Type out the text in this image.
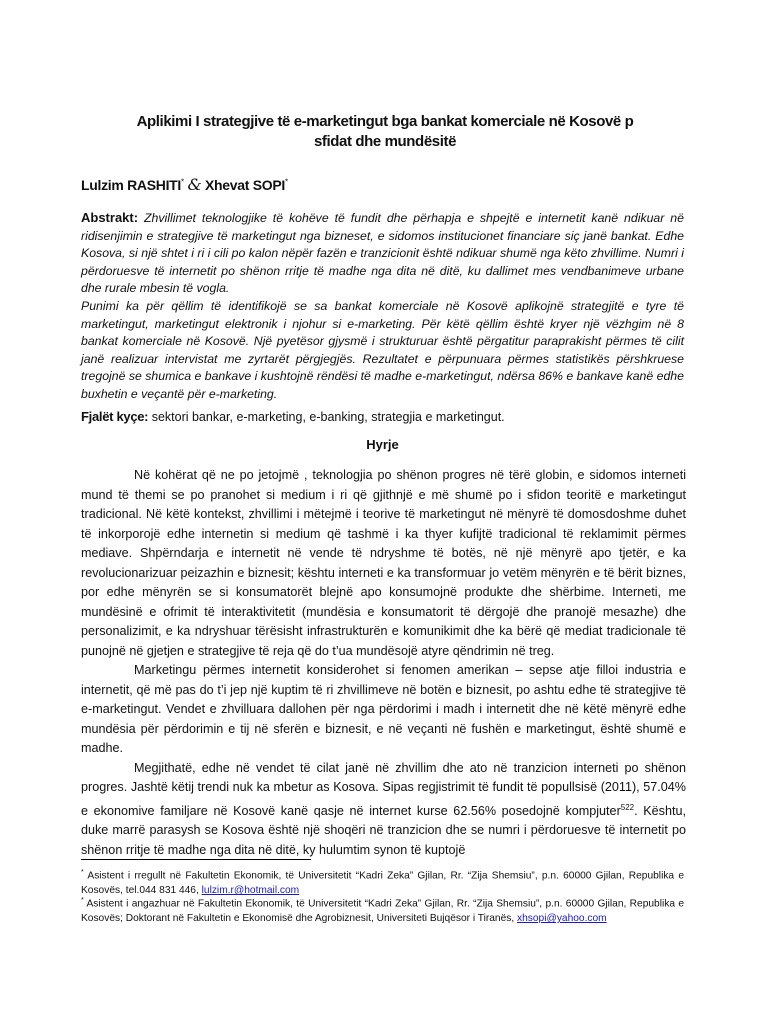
Aplikimi I strategjive të e-marketingut bga bankat komerciale në Kosovë p
sfidat dhe mundësitë
Lulzim RASHITI* & Xhevat SOPI*

Abstrakt: Zhvillimet teknologjike të kohëve të fundit dhe përhapja e shpejtë e internetit kanë ndikuar në ridisenjimin e strategjive të marketingut nga bizneset, e sidomos institucionet financiare siç janë bankat. Edhe Kosova, si një shtet i ri i cili po kalon nëpër fazën e tranzicionit është ndikuar shumë nga këto zhvillime. Numri i përdoruesve të internetit po shënon rritje të madhe nga dita në ditë, ku dallimet mes vendbanimeve urbane dhe rurale mbesin të vogla.

Punimi ka për qëllim të identifikojë se sa bankat komerciale në Kosovë aplikojnë strategjitë e tyre të marketingut, marketingut elektronik i njohur si e-marketing. Për këtë qëllim është kryer një vëzhgim në 8 bankat komerciale në Kosovë. Një pyetësor gjysmë i strukturuar është përgatitur paraprakisht përmes të cilit janë realizuar intervistat me zyrtarët përgjegjës. Rezultatet e përpunuara përmes statistikës përshkruese tregojnë se shumica e bankave i kushtojnë rëndësi të madhe e-marketingut, ndërsa 86% e bankave kanë edhe buxhetin e veçantë për e-marketing.

Fjalët kyçe: sektori bankar, e-marketing, e-banking, strategjia e marketingut.
Hyrje

Në kohërat që ne po jetojmë , teknologjia po shënon progres në tërë globin, e sidomos interneti mund të themi se po pranohet si medium i ri që gjithnjë e më shumë po i sfidon teoritë e marketingut tradicional. Në këtë kontekst, zhvillimi i mëtejmë i teorive të marketingut në mënyrë të domosdoshme duhet të inkorporojë edhe internetin si medium që tashmë i ka thyer kufijtë tradicional të reklamimit përmes mediave. Shpërndarja e internetit në vende të ndryshme të botës, në një mënyrë apo tjetër, e ka revolucionarizuar peizazhin e biznesit; kështu interneti e ka transformuar jo vetëm mënyrën e të bërit biznes, por edhe mënyrën se si konsumatorët blejnë apo konsumojnë produkte dhe shërbime. Interneti, me mundësinë e ofrimit të interaktivitetit (mundësia e konsumatorit të dërgojë dhe pranojë mesazhe) dhe personalizimit, e ka ndryshuar tërësisht infrastrukturën e komunikimit dhe ka bërë që mediat tradicionale të punojnë në gjetjen e strategjive të reja që do t’ua mundësojë atyre qëndrimin në treg.

Marketingu përmes internetit konsiderohet si fenomen amerikan – sepse atje filloi industria e internetit, që më pas do t’i jep një kuptim të ri zhvillimeve në botën e biznesit, po ashtu edhe të strategjive të e-marketingut. Vendet e zhvilluara dallohen për nga përdorimi i madh i internetit dhe në këtë mënyrë edhe mundësia për përdorimin e tij në sferën e biznesit, e në veçanti në fushën e marketingut, është shumë e madhe.

Megjithatë, edhe në vendet të cilat janë në zhvillim dhe ato në tranzicion interneti po shënon progres. Jashtë këtij trendi nuk ka mbetur as Kosova. Sipas regjistrimit të fundit të popullsisë (2011), 57.04% e ekonomive familjare në Kosovë kanë qasje në internet kurse 62.56% posedojnë kompjuter$^{522}$. Kështu, duke marrë parasysh se Kosova është një shoqëri në tranzicion dhe se numri i përdoruesve të internetit po shënon rritje të madhe nga dita në ditë, ky hulumtim synon të kuptojë

* Asistent i rregullt në Fakultetin Ekonomik, të Universitetit “Kadri Zeka” Gjilan, Rr. “Zija Shemsiu”, p.n. 60000 Gjilan, Republika e Kosovës, tel.044 831 446, lulzim.r@hotmail.com
* Asistent i angazhuar në Fakultetin Ekonomik, të Universitetit “Kadri Zeka” Gjilan, Rr. “Zija Shemsiu”, p.n. 60000 Gjilan, Republika e Kosovës; Doktorant në Fakultetin e Ekonomisë dhe Agrobiznesit, Universiteti Bujqësor i Tiranës, xhsopi@yahoo.com
